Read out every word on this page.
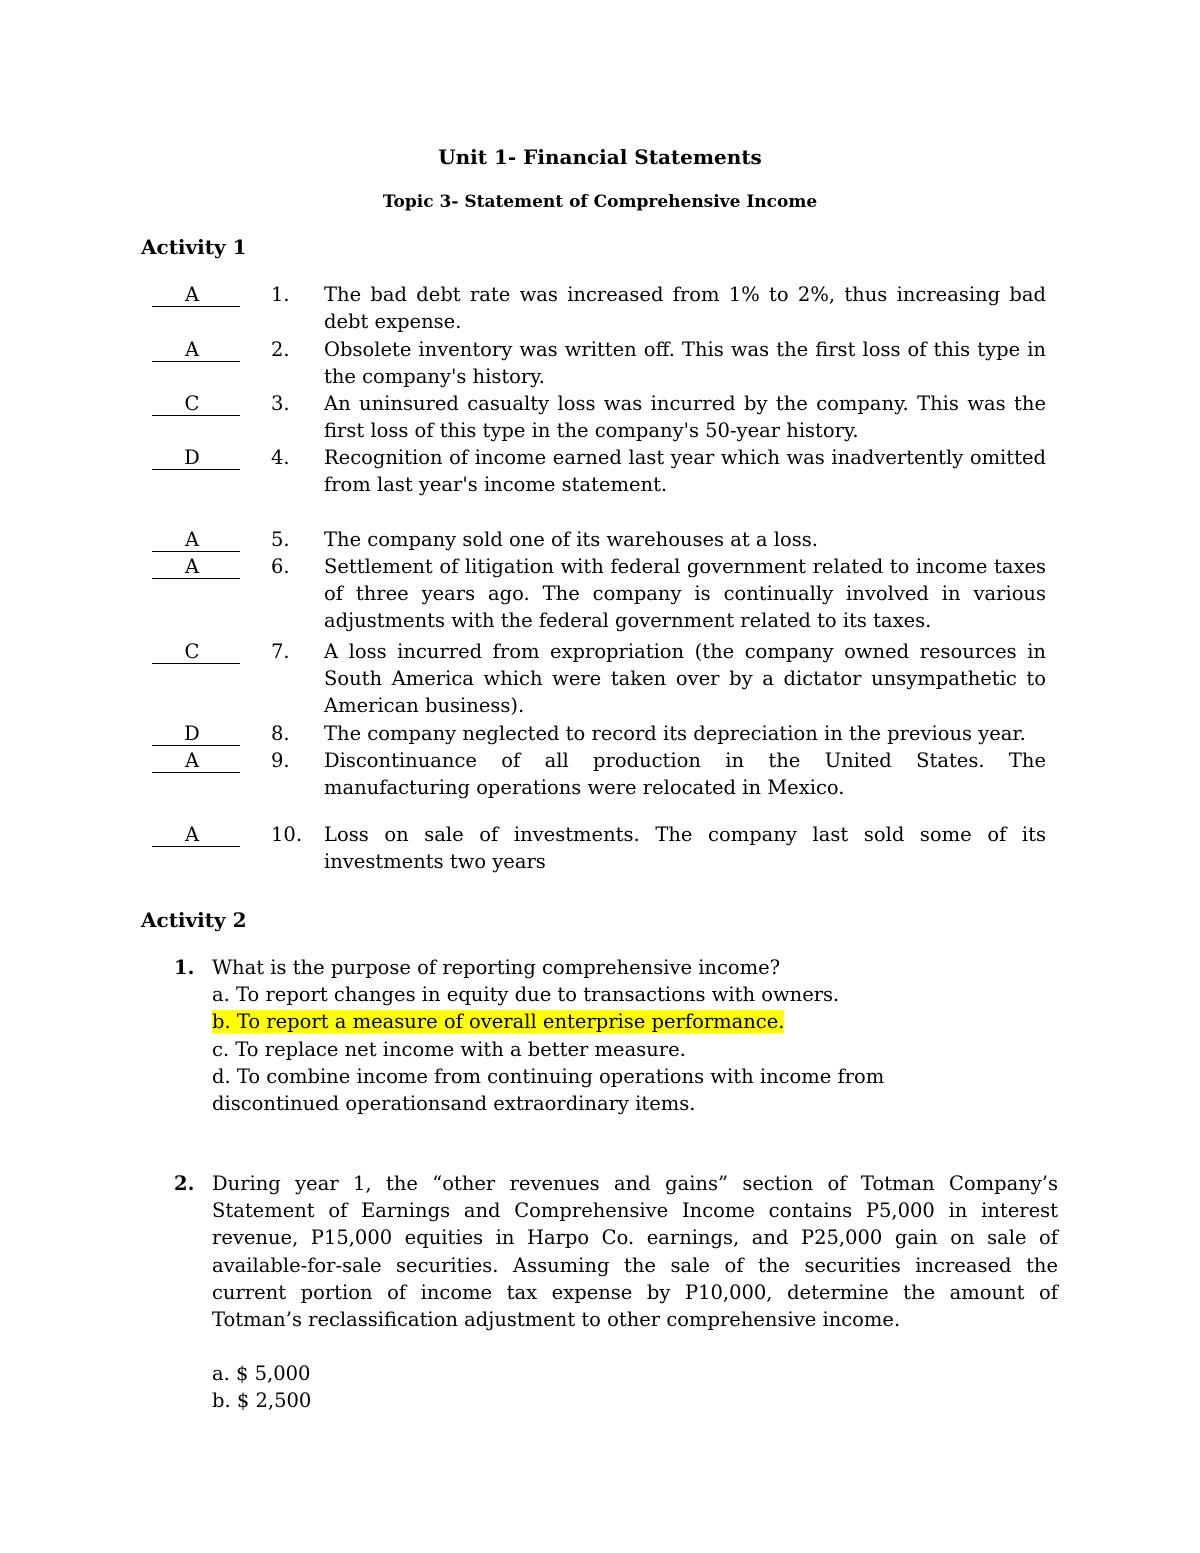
Unit 1- Financial Statements
Topic 3- Statement of Comprehensive Income
Activity 1
A	1. The bad debt rate was increased from 1% to 2%, thus increasing bad debt expense.
A	2. Obsolete inventory was written off. This was the first loss of this type in the company's history.
C	3. An uninsured casualty loss was incurred by the company. This was the first loss of this type in the company's 50-year history.
D	4. Recognition of income earned last year which was inadvertently omitted from last year's income statement.
A	5. The company sold one of its warehouses at a loss.
A	6. Settlement of litigation with federal government related to income taxes of three years ago. The company is continually involved in various adjustments with the federal government related to its taxes.
C	7. A loss incurred from expropriation (the company owned resources in South America which were taken over by a dictator unsympathetic to American business).
D	8. The company neglected to record its depreciation in the previous year.
A	9. Discontinuance of all production in the United States. The manufacturing operations were relocated in Mexico.
A	10. Loss on sale of investments. The company last sold some of its investments two years
Activity 2
1. What is the purpose of reporting comprehensive income?
a. To report changes in equity due to transactions with owners.
b. To report a measure of overall enterprise performance.
c. To replace net income with a better measure.
d. To combine income from continuing operations with income from discontinued operationsand extraordinary items.
2. During year 1, the “other revenues and gains” section of Totman Company’s Statement of Earnings and Comprehensive Income contains P5,000 in interest revenue, P15,000 equities in Harpo Co. earnings, and P25,000 gain on sale of available-for-sale securities. Assuming the sale of the securities increased the current portion of income tax expense by P10,000, determine the amount of Totman’s reclassification adjustment to other comprehensive income.
a. $ 5,000
b. $ 2,500
